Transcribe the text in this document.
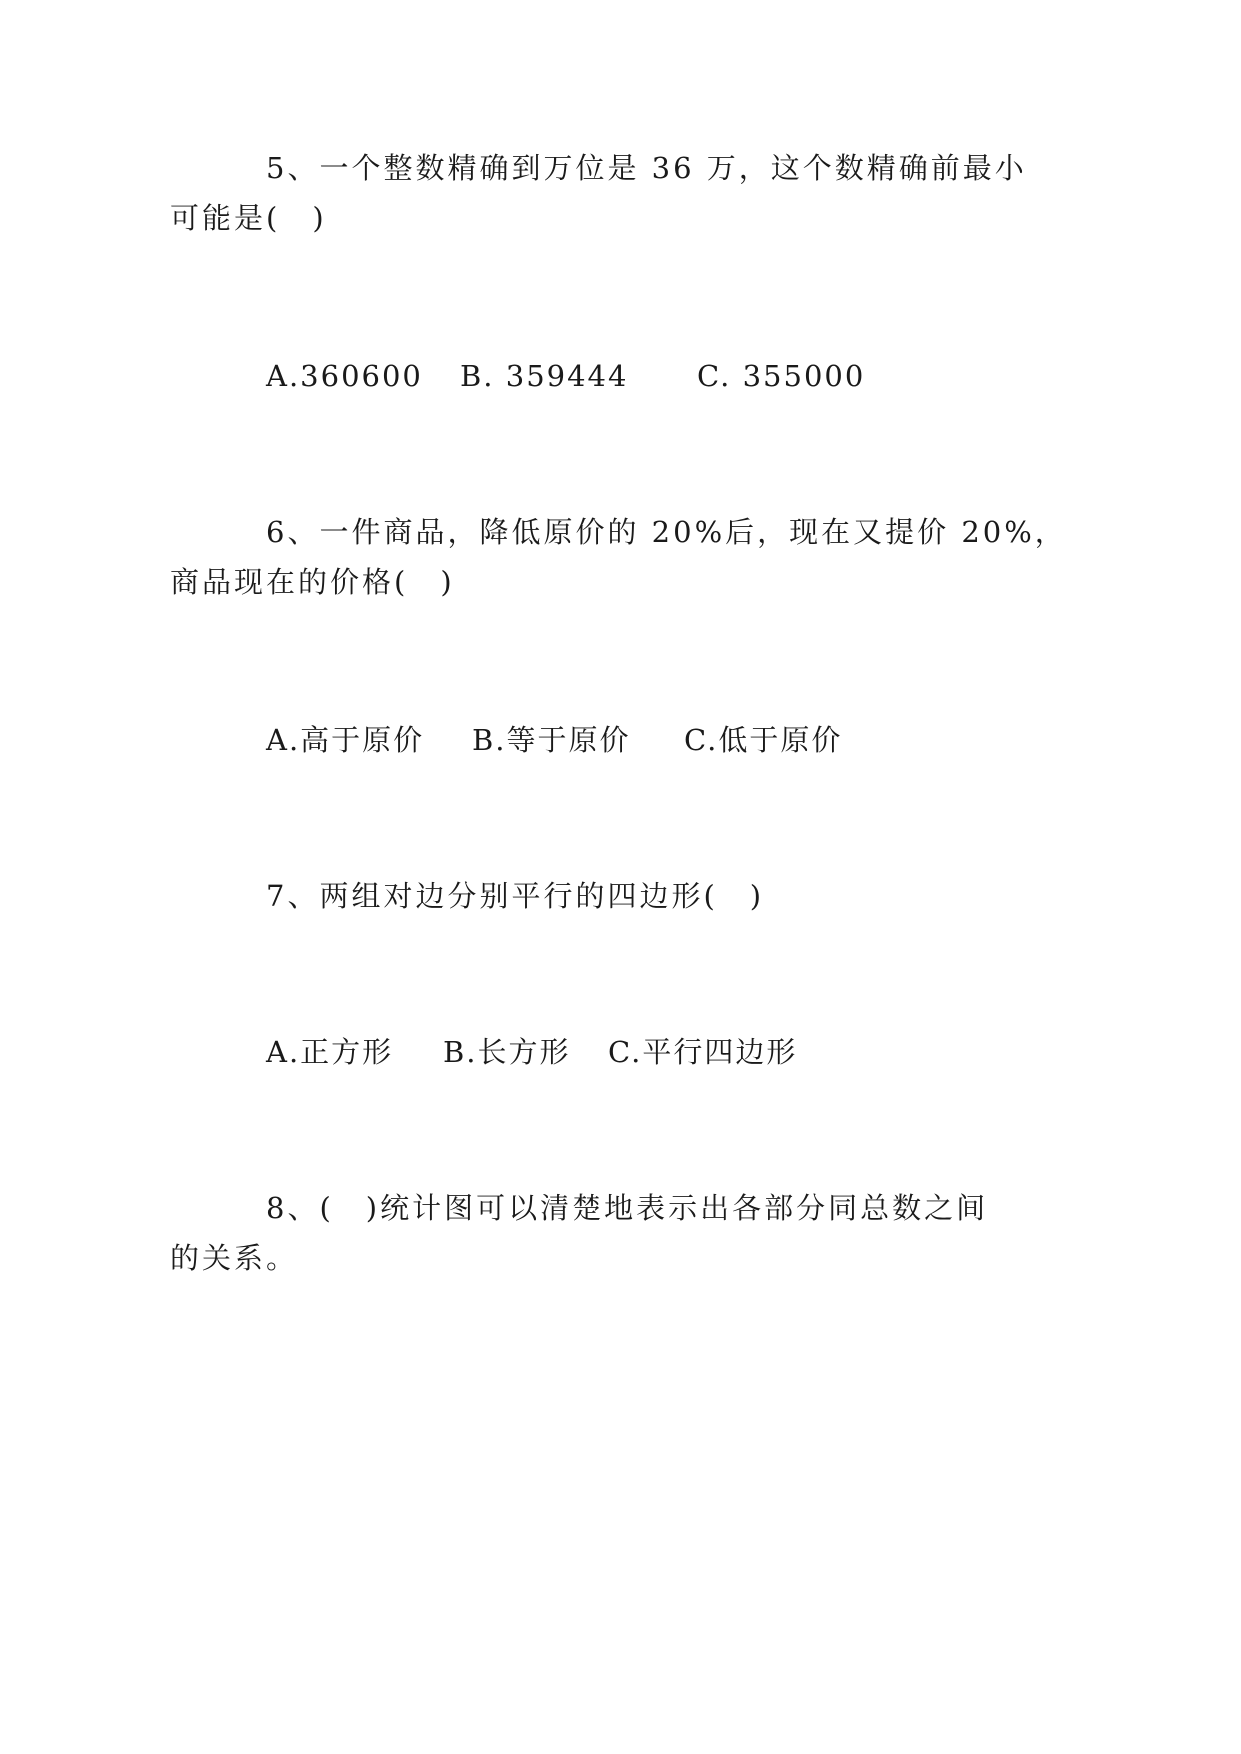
5、一个整数精确到万位是 36 万，这个数精确前最小
可能是(　)
A.360600 B. 359444 C. 355000
6、一件商品，降低原价的 20%后，现在又提价 20%，
商品现在的价格(　)
A.高于原价 B.等于原价 C.低于原价
7、两组对边分别平行的四边形(　)
A.正方形 B.长方形 C.平行四边形
8、(　)统计图可以清楚地表示出各部分同总数之间
的关系。
